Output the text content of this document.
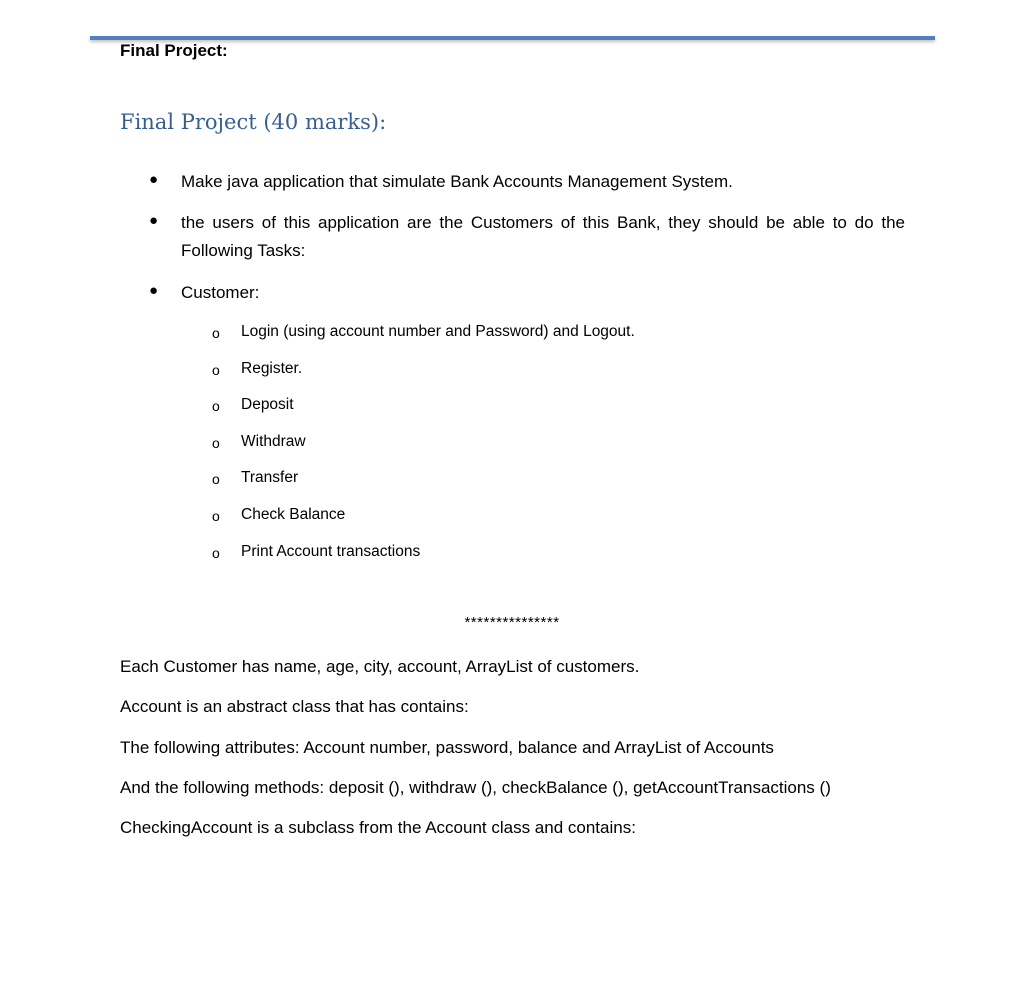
Final Project:
Final Project (40 marks):
● Make java application that simulate Bank Accounts Management System.
● the users of this application are the Customers of this Bank, they should be able to do the Following Tasks:
● Customer:
o Login (using account number and Password) and Logout.
o Register.
o Deposit
o Withdraw
o Transfer
o Check Balance
o Print Account transactions
***************
Each Customer has name, age, city, account, ArrayList of customers.
Account is an abstract class that has contains:
The following attributes: Account number, password, balance and ArrayList of Accounts
And the following methods: deposit (), withdraw (), checkBalance (), getAccountTransactions ()
CheckingAccount is a subclass from the Account class and contains:
